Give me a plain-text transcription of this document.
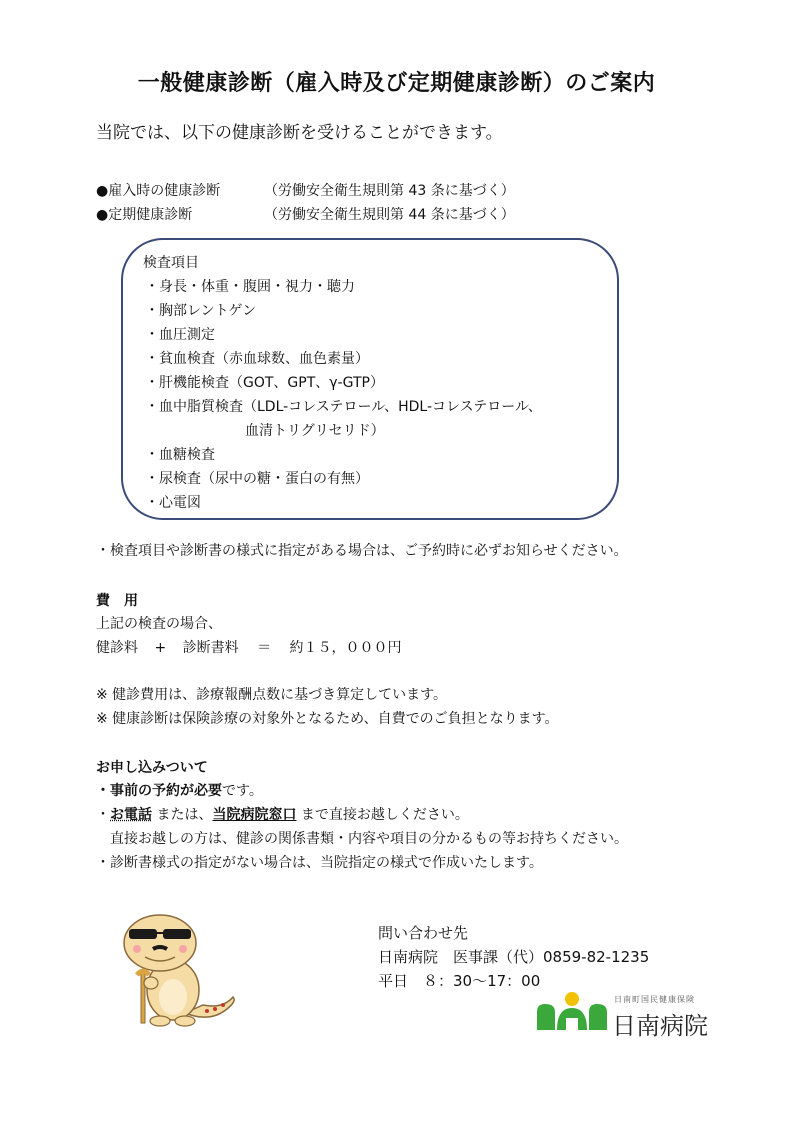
一般健康診断（雇入時及び定期健康診断）のご案内
当院では、以下の健康診断を受けることができます。
●雇入時の健康診断	（労働安全衛生規則第 43 条に基づく）
●定期健康診断	（労働安全衛生規則第 44 条に基づく）
検査項目
・身長・体重・腹囲・視力・聴力
・胸部レントゲン
・血圧測定
・貧血検査（赤血球数、血色素量）
・肝機能検査（GOT、GPT、γ-GTP）
・血中脂質検査（LDL-コレステロール、HDL-コレステロール、
血清トリグリセリド）
・血糖検査
・尿検査（尿中の糖・蛋白の有無）
・心電図
・検査項目や診断書の様式に指定がある場合は、ご予約時に必ずお知らせください。
費　用
上記の検査の場合、
健診料 + 診断書料 ＝ 約１５，０００円
※ 健診費用は、診療報酬点数に基づき算定しています。
※ 健康診断は保険診療の対象外となるため、自費でのご負担となります。
お申し込みついて
・事前の予約が必要です。
・お電話 または、当院病院窓口 まで直接お越しください。
直接お越しの方は、健診の関係書類・内容や項目の分かるもの等お持ちください。
・診断書様式の指定がない場合は、当院指定の様式で作成いたします。
問い合わせ先
日南病院　医事課（代）0859-82-1235
平日　８：30～17：00
日南町国民健康保険
日南病院
